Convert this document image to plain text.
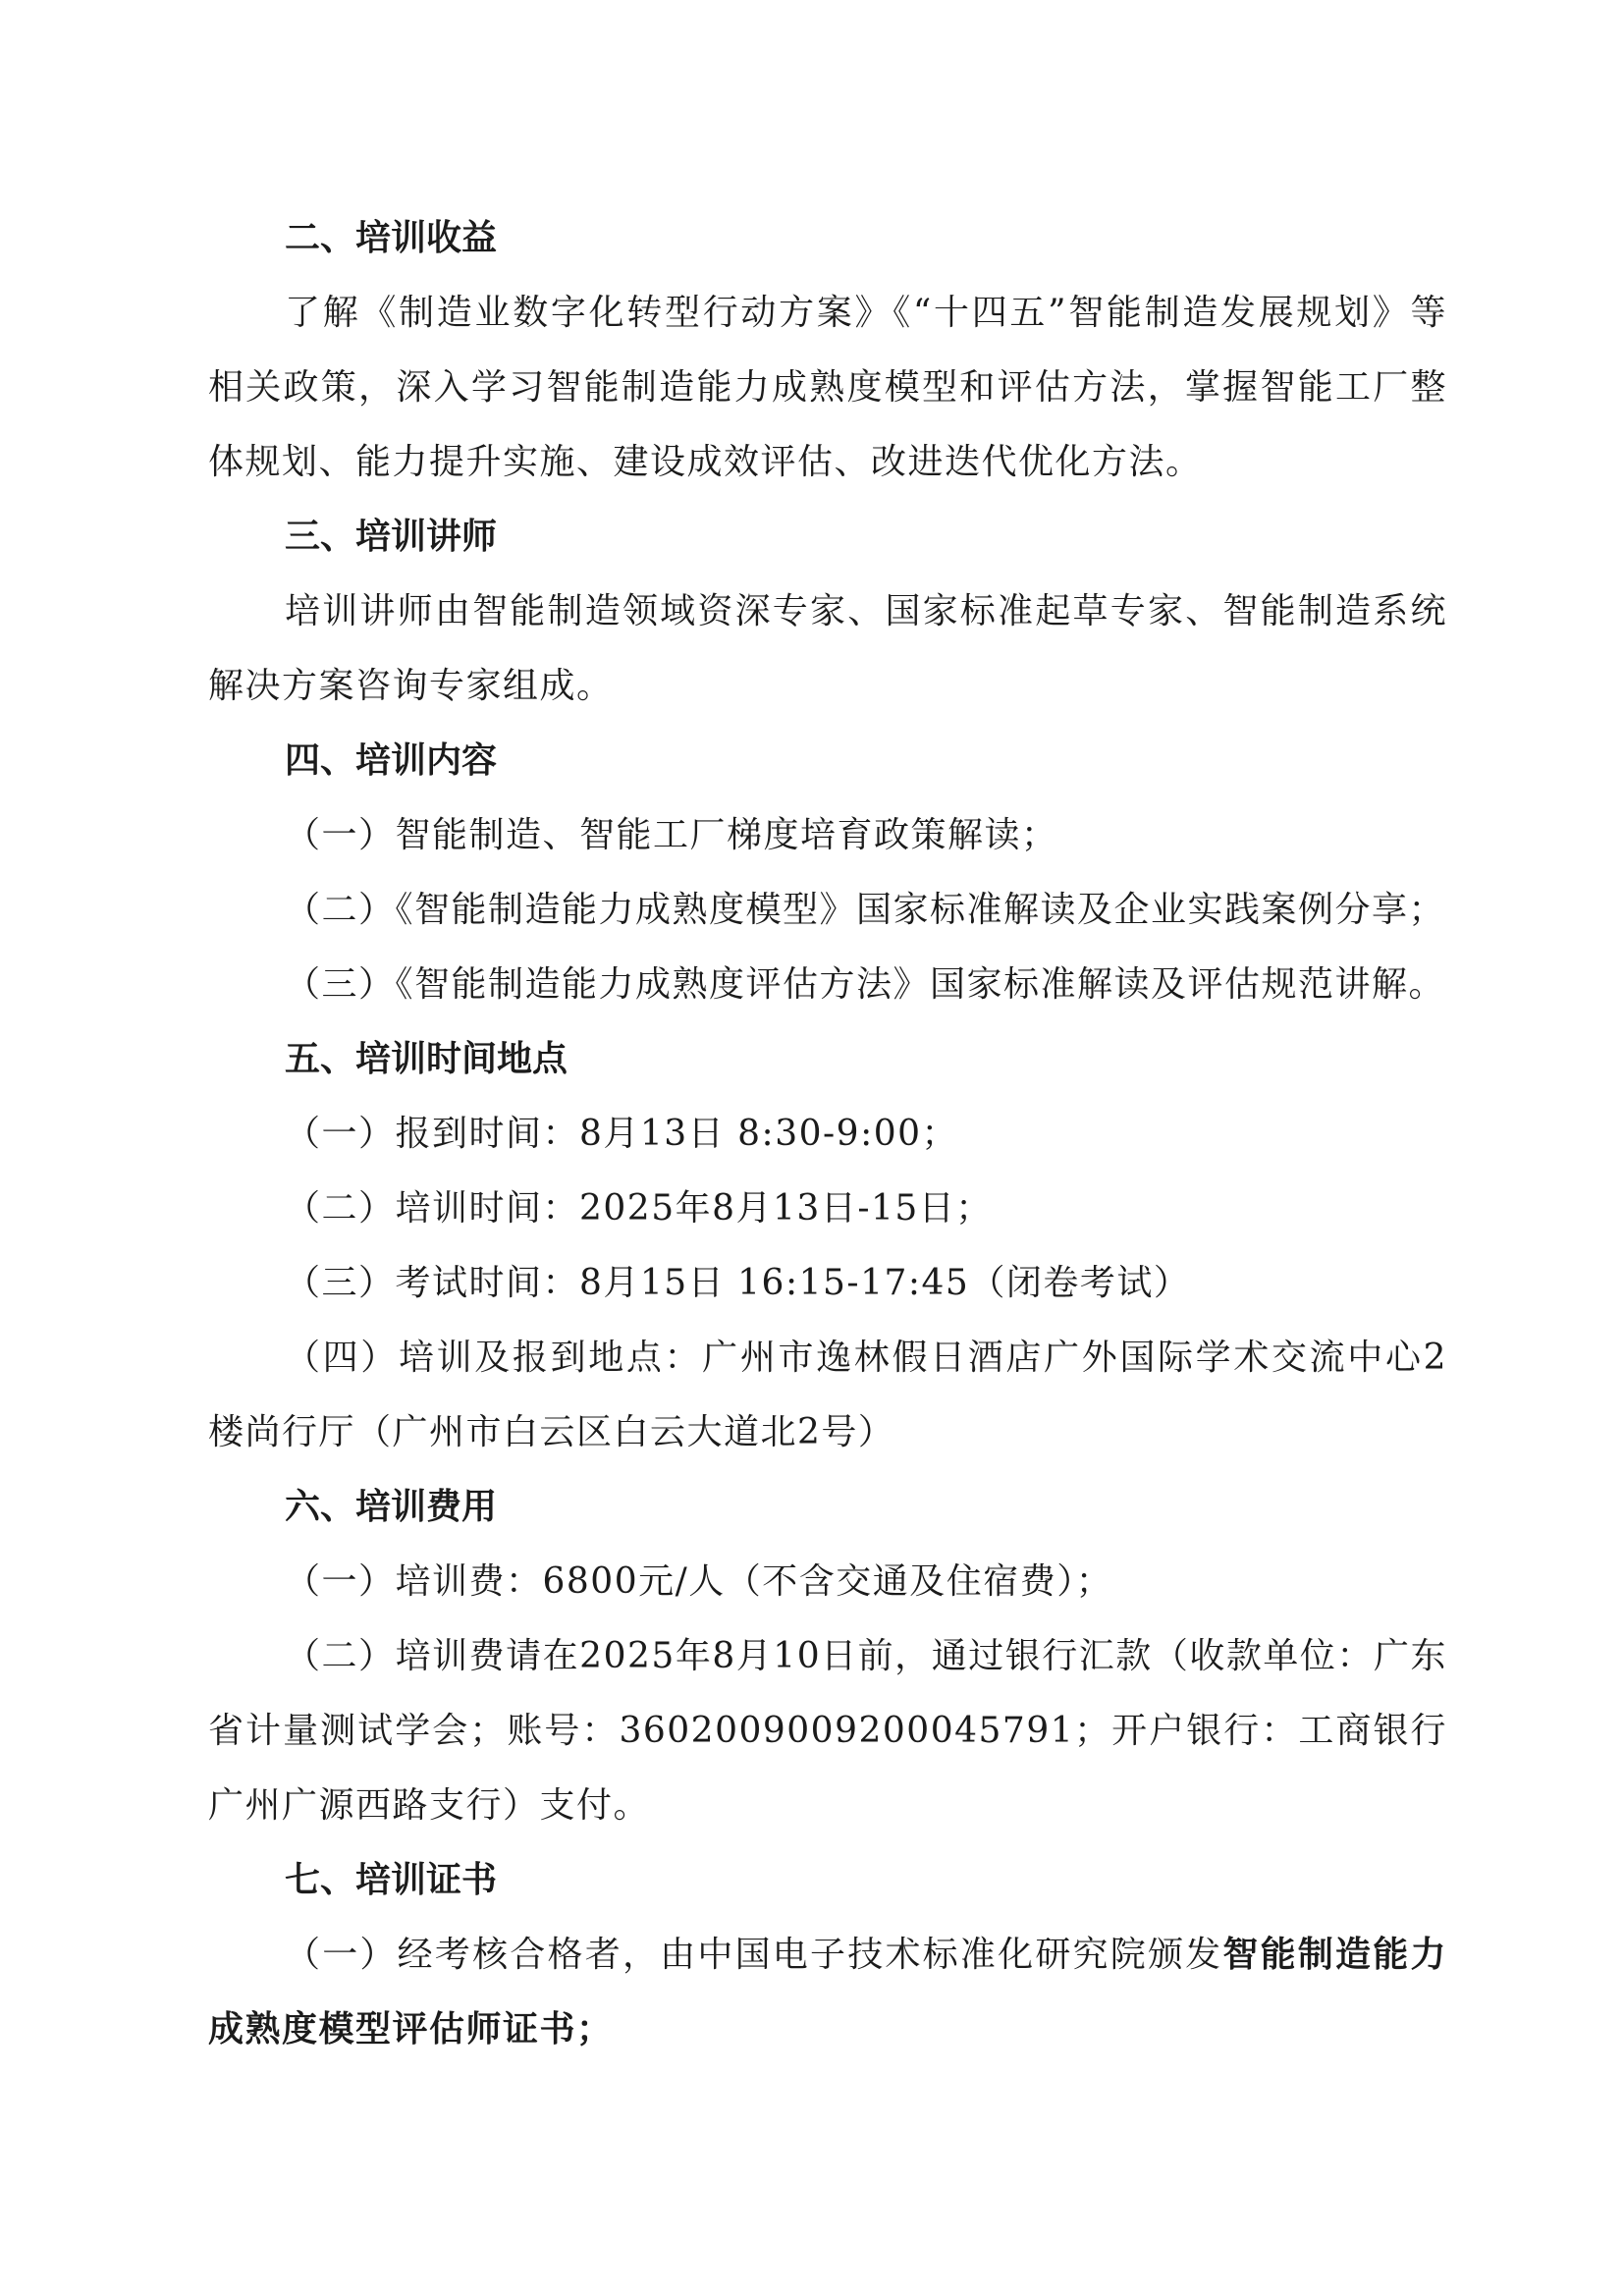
二、培训收益

了解《制造业数字化转型行动方案》《“十四五”智能制造发展规划》等相关政策，深入学习智能制造能力成熟度模型和评估方法，掌握智能工厂整体规划、能力提升实施、建设成效评估、改进迭代优化方法。

三、培训讲师

培训讲师由智能制造领域资深专家、国家标准起草专家、智能制造系统解决方案咨询专家组成。

四、培训内容

（一）智能制造、智能工厂梯度培育政策解读；

（二）《智能制造能力成熟度模型》国家标准解读及企业实践案例分享；

（三）《智能制造能力成熟度评估方法》国家标准解读及评估规范讲解。

五、培训时间地点

（一）报到时间：8月13日 8:30-9:00；

（二）培训时间：2025年8月13日-15日；

（三）考试时间：8月15日 16:15-17:45（闭卷考试）

（四）培训及报到地点：广州市逸林假日酒店广外国际学术交流中心2楼尚行厅（广州市白云区白云大道北2号）

六、培训费用

（一）培训费：6800元/人（不含交通及住宿费）；

（二）培训费请在2025年8月10日前，通过银行汇款（收款单位：广东省计量测试学会；账号：3602009009200045791；开户银行：工商银行广州广源西路支行）支付。

七、培训证书

（一）经考核合格者，由中国电子技术标准化研究院颁发智能制造能力成熟度模型评估师证书；
